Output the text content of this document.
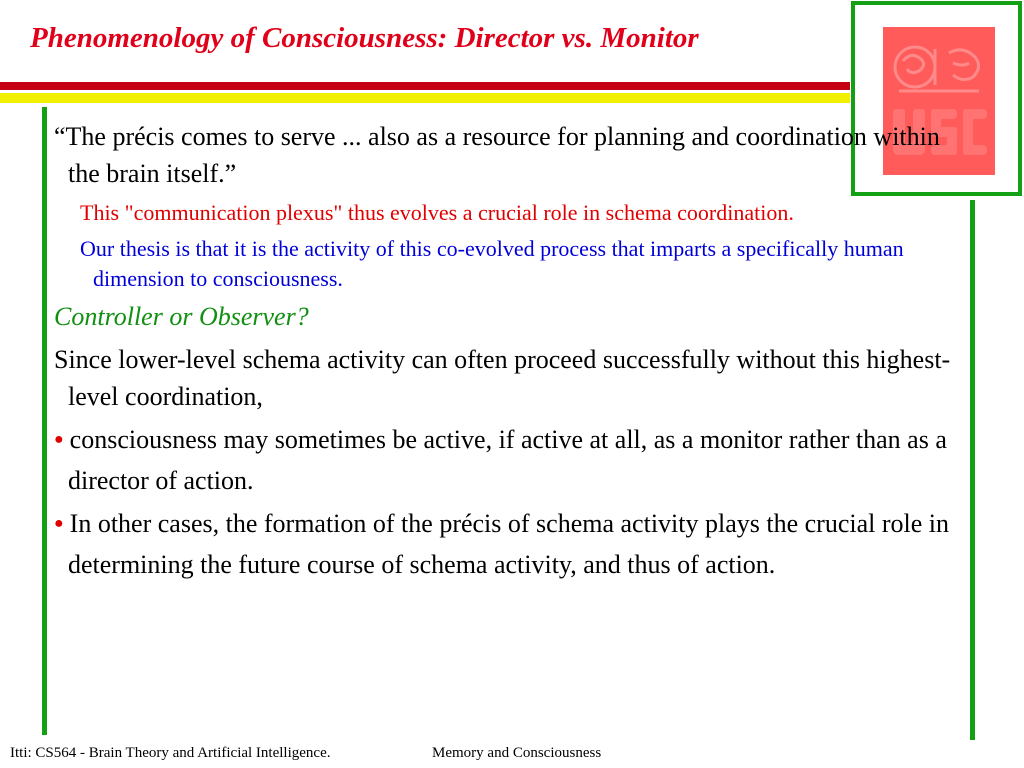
Phenomenology of Consciousness: Director vs. Monitor

“The précis comes to serve ... also as a resource for planning and coordination within the brain itself.”

This "communication plexus" thus evolves a crucial role in schema coordination.

Our thesis is that it is the activity of this co-evolved process that imparts a specifically human dimension to consciousness.

Controller or Observer?

Since lower-level schema activity can often proceed successfully without this highest-level coordination,

● consciousness may sometimes be active, if active at all, as a monitor rather than as a director of action.

● In other cases, the formation of the précis of schema activity plays the crucial role in determining the future course of schema activity, and thus of action.

Itti: CS564 - Brain Theory and Artificial Intelligence.	Memory and Consciousness
